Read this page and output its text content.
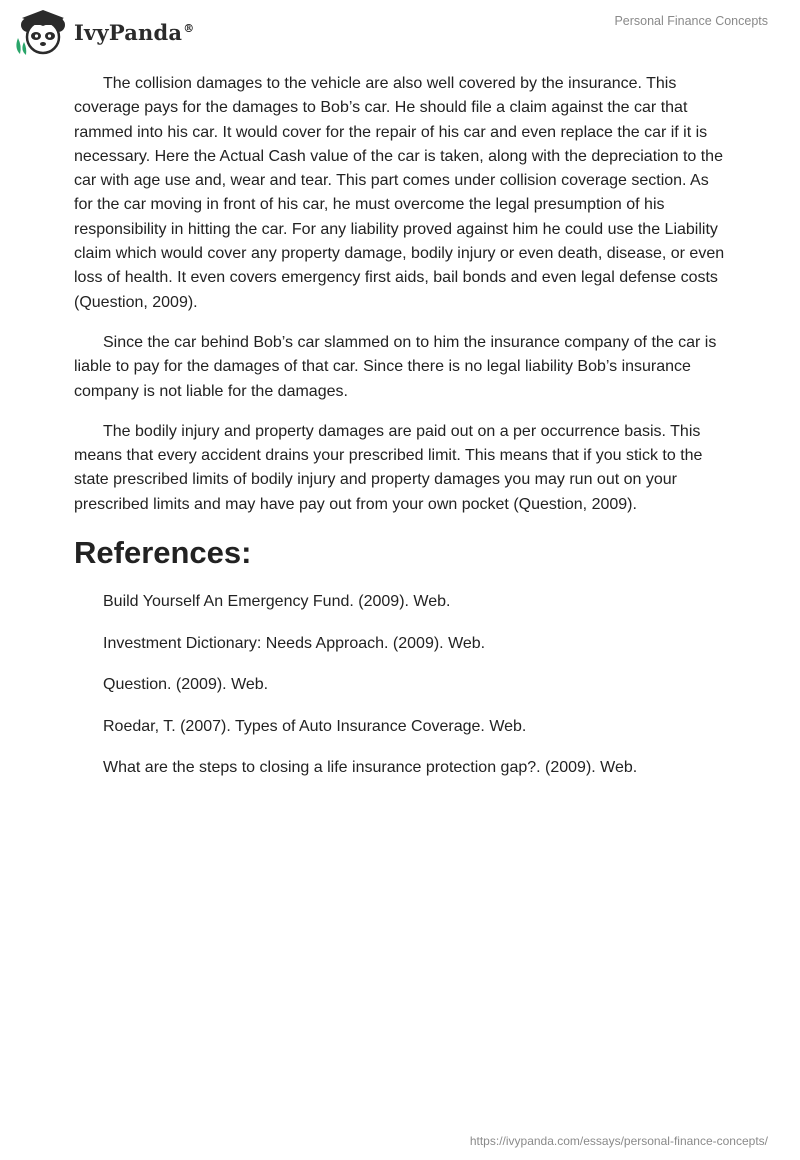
IvyPanda®	Personal Finance Concepts

The collision damages to the vehicle are also well covered by the insurance. This coverage pays for the damages to Bob’s car. He should file a claim against the car that rammed into his car. It would cover for the repair of his car and even replace the car if it is necessary. Here the Actual Cash value of the car is taken, along with the depreciation to the car with age use and, wear and tear. This part comes under collision coverage section. As for the car moving in front of his car, he must overcome the legal presumption of his responsibility in hitting the car. For any liability proved against him he could use the Liability claim which would cover any property damage, bodily injury or even death, disease, or even loss of health. It even covers emergency first aids, bail bonds and even legal defense costs (Question, 2009).

Since the car behind Bob’s car slammed on to him the insurance company of the car is liable to pay for the damages of that car. Since there is no legal liability Bob’s insurance company is not liable for the damages.

The bodily injury and property damages are paid out on a per occurrence basis. This means that every accident drains your prescribed limit. This means that if you stick to the state prescribed limits of bodily injury and property damages you may run out on your prescribed limits and may have pay out from your own pocket (Question, 2009).

References:
Build Yourself An Emergency Fund. (2009). Web.
Investment Dictionary: Needs Approach. (2009). Web.
Question. (2009). Web.
Roedar, T. (2007). Types of Auto Insurance Coverage. Web.
What are the steps to closing a life insurance protection gap?. (2009). Web.
https://ivypanda.com/essays/personal-finance-concepts/
